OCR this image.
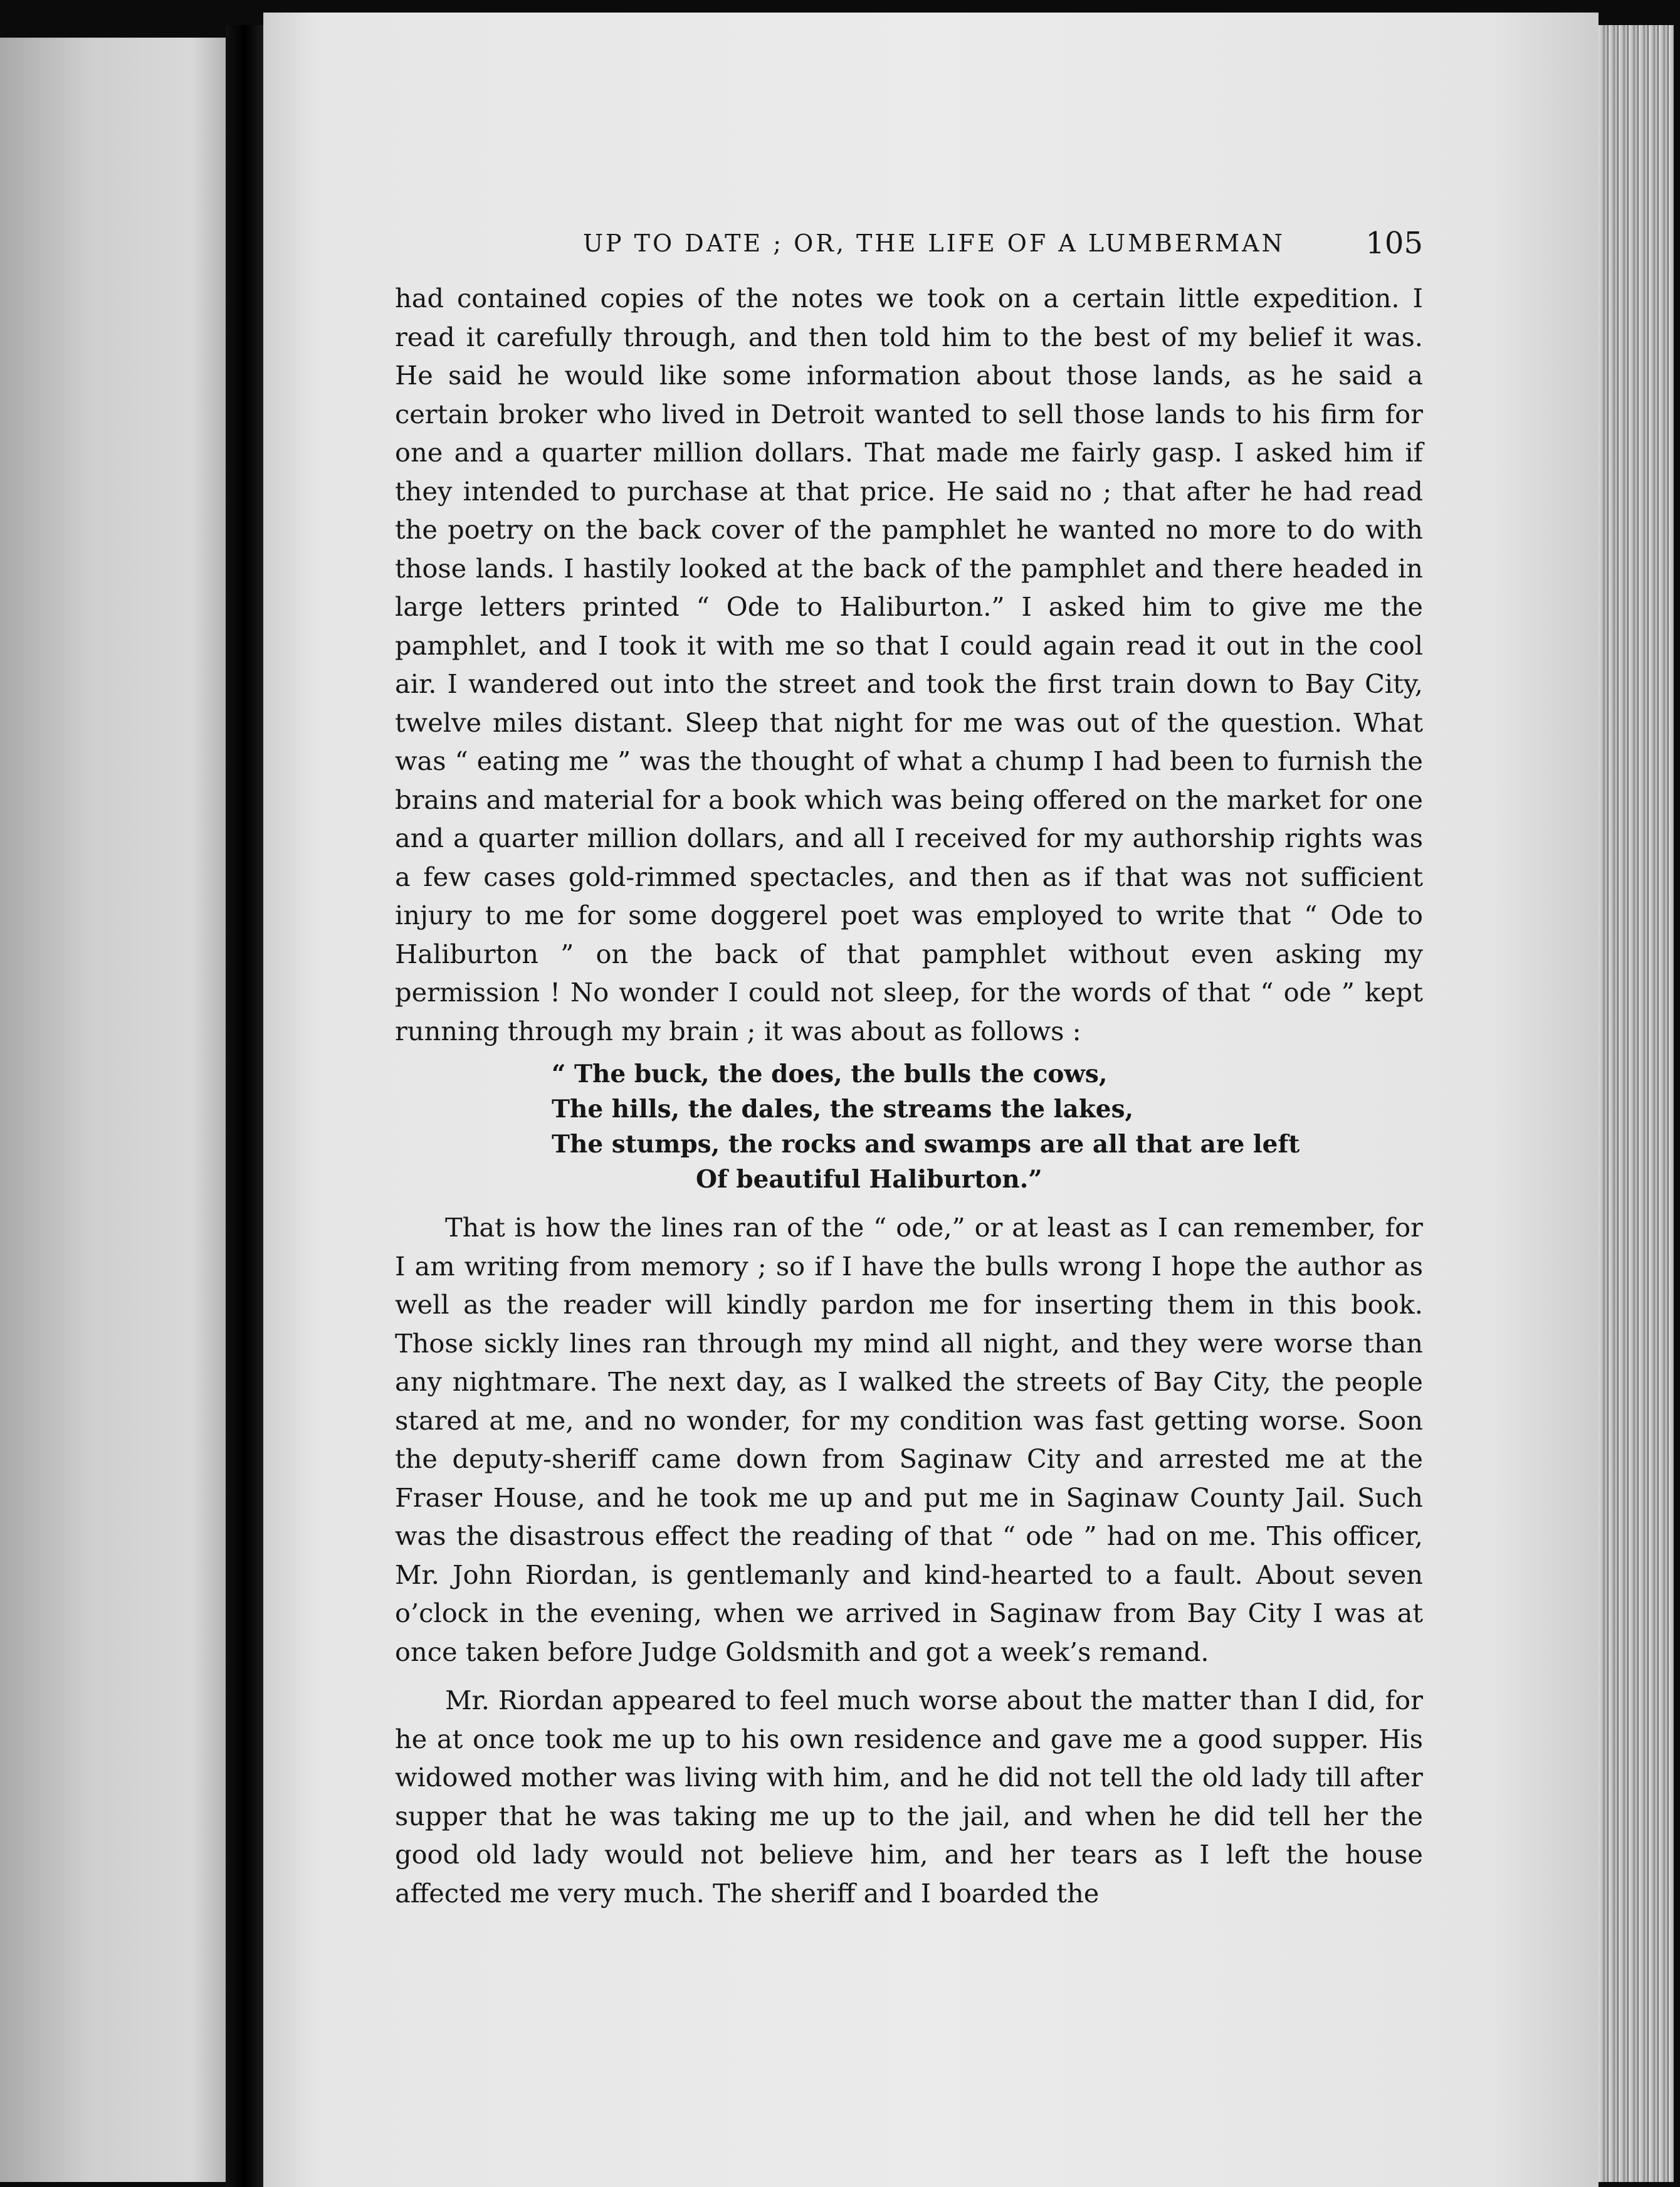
UP TO DATE ; OR, THE LIFE OF A LUMBERMAN	105

had contained copies of the notes we took on a certain little expedition. I read it carefully through, and then told him to the best of my belief it was. He said he would like some information about those lands, as he said a certain broker who lived in Detroit wanted to sell those lands to his firm for one and a quarter million dollars. That made me fairly gasp. I asked him if they intended to purchase at that price. He said no ; that after he had read the poetry on the back cover of the pamphlet he wanted no more to do with those lands. I hastily looked at the back of the pamphlet and there headed in large letters printed “ Ode to Haliburton.” I asked him to give me the pamphlet, and I took it with me so that I could again read it out in the cool air. I wandered out into the street and took the first train down to Bay City, twelve miles distant. Sleep that night for me was out of the question. What was “ eating me ” was the thought of what a chump I had been to furnish the brains and material for a book which was being offered on the market for one and a quarter million dollars, and all I received for my authorship rights was a few cases gold-rimmed spectacles, and then as if that was not sufficient injury to me for some doggerel poet was employed to write that “ Ode to Haliburton ” on the back of that pamphlet without even asking my permission ! No wonder I could not sleep, for the words of that “ ode ” kept running through my brain ; it was about as follows :

“ The buck, the does, the bulls the cows,
The hills, the dales, the streams the lakes,
The stumps, the rocks and swamps are all that are left
Of beautiful Haliburton.”

That is how the lines ran of the “ ode,” or at least as I can remember, for I am writing from memory ; so if I have the bulls wrong I hope the author as well as the reader will kindly pardon me for inserting them in this book. Those sickly lines ran through my mind all night, and they were worse than any nightmare. The next day, as I walked the streets of Bay City, the people stared at me, and no wonder, for my condition was fast getting worse. Soon the deputy-sheriff came down from Saginaw City and arrested me at the Fraser House, and he took me up and put me in Saginaw County Jail. Such was the disastrous effect the reading of that “ ode ” had on me. This officer, Mr. John Riordan, is gentlemanly and kind-hearted to a fault. About seven o’clock in the evening, when we arrived in Saginaw from Bay City I was at once taken before Judge Goldsmith and got a week’s remand.

Mr. Riordan appeared to feel much worse about the matter than I did, for he at once took me up to his own residence and gave me a good supper. His widowed mother was living with him, and he did not tell the old lady till after supper that he was taking me up to the jail, and when he did tell her the good old lady would not believe him, and her tears as I left the house affected me very much. The sheriff and I boarded the
